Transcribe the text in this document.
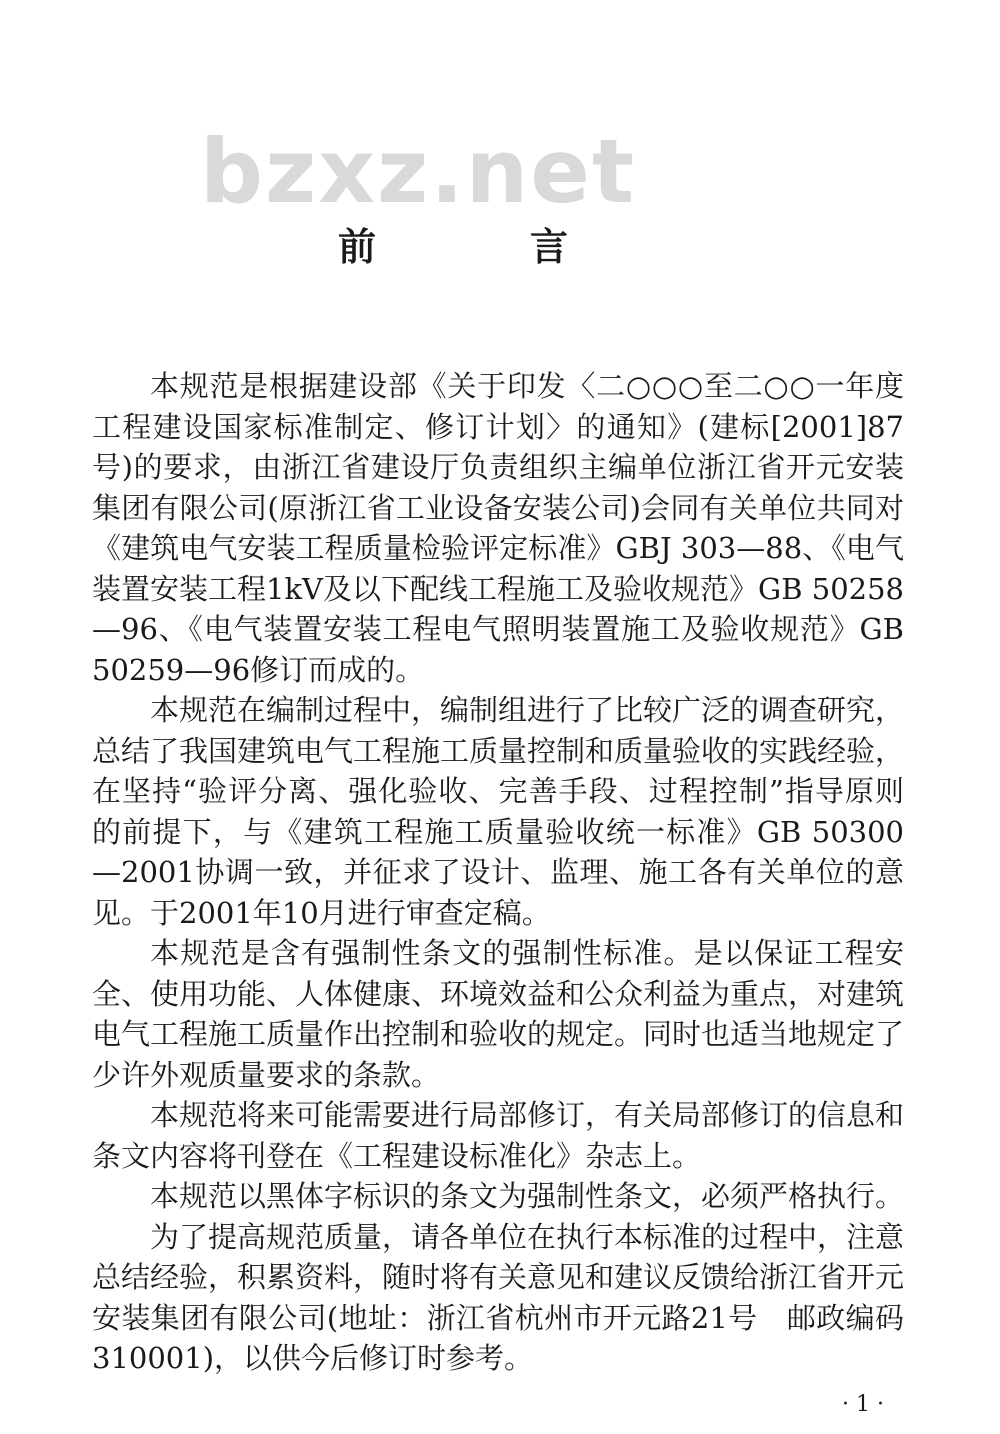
bzxz.net
前　言

本规范是根据建设部《关于印发〈二○○○至二○○一年度工程建设国家标准制定、修订计划〉的通知》(建标[2001]87号)的要求，由浙江省建设厅负责组织主编单位浙江省开元安装集团有限公司(原浙江省工业设备安装公司)会同有关单位共同对《建筑电气安装工程质量检验评定标准》GBJ 303—88、《电气装置安装工程1kV及以下配线工程施工及验收规范》GB 50258—96、《电气装置安装工程电气照明装置施工及验收规范》GB 50259—96修订而成的。

本规范在编制过程中，编制组进行了比较广泛的调查研究，总结了我国建筑电气工程施工质量控制和质量验收的实践经验，在坚持“验评分离、强化验收、完善手段、过程控制”指导原则的前提下，与《建筑工程施工质量验收统一标准》GB 50300—2001协调一致，并征求了设计、监理、施工各有关单位的意见。于2001年10月进行审查定稿。

本规范是含有强制性条文的强制性标准。是以保证工程安全、使用功能、人体健康、环境效益和公众利益为重点，对建筑电气工程施工质量作出控制和验收的规定。同时也适当地规定了少许外观质量要求的条款。

本规范将来可能需要进行局部修订，有关局部修订的信息和条文内容将刊登在《工程建设标准化》杂志上。

本规范以黑体字标识的条文为强制性条文，必须严格执行。

为了提高规范质量，请各单位在执行本标准的过程中，注意总结经验，积累资料，随时将有关意见和建议反馈给浙江省开元安装集团有限公司(地址：浙江省杭州市开元路21号　邮政编码310001)，以供今后修订时参考。

· 1 ·
